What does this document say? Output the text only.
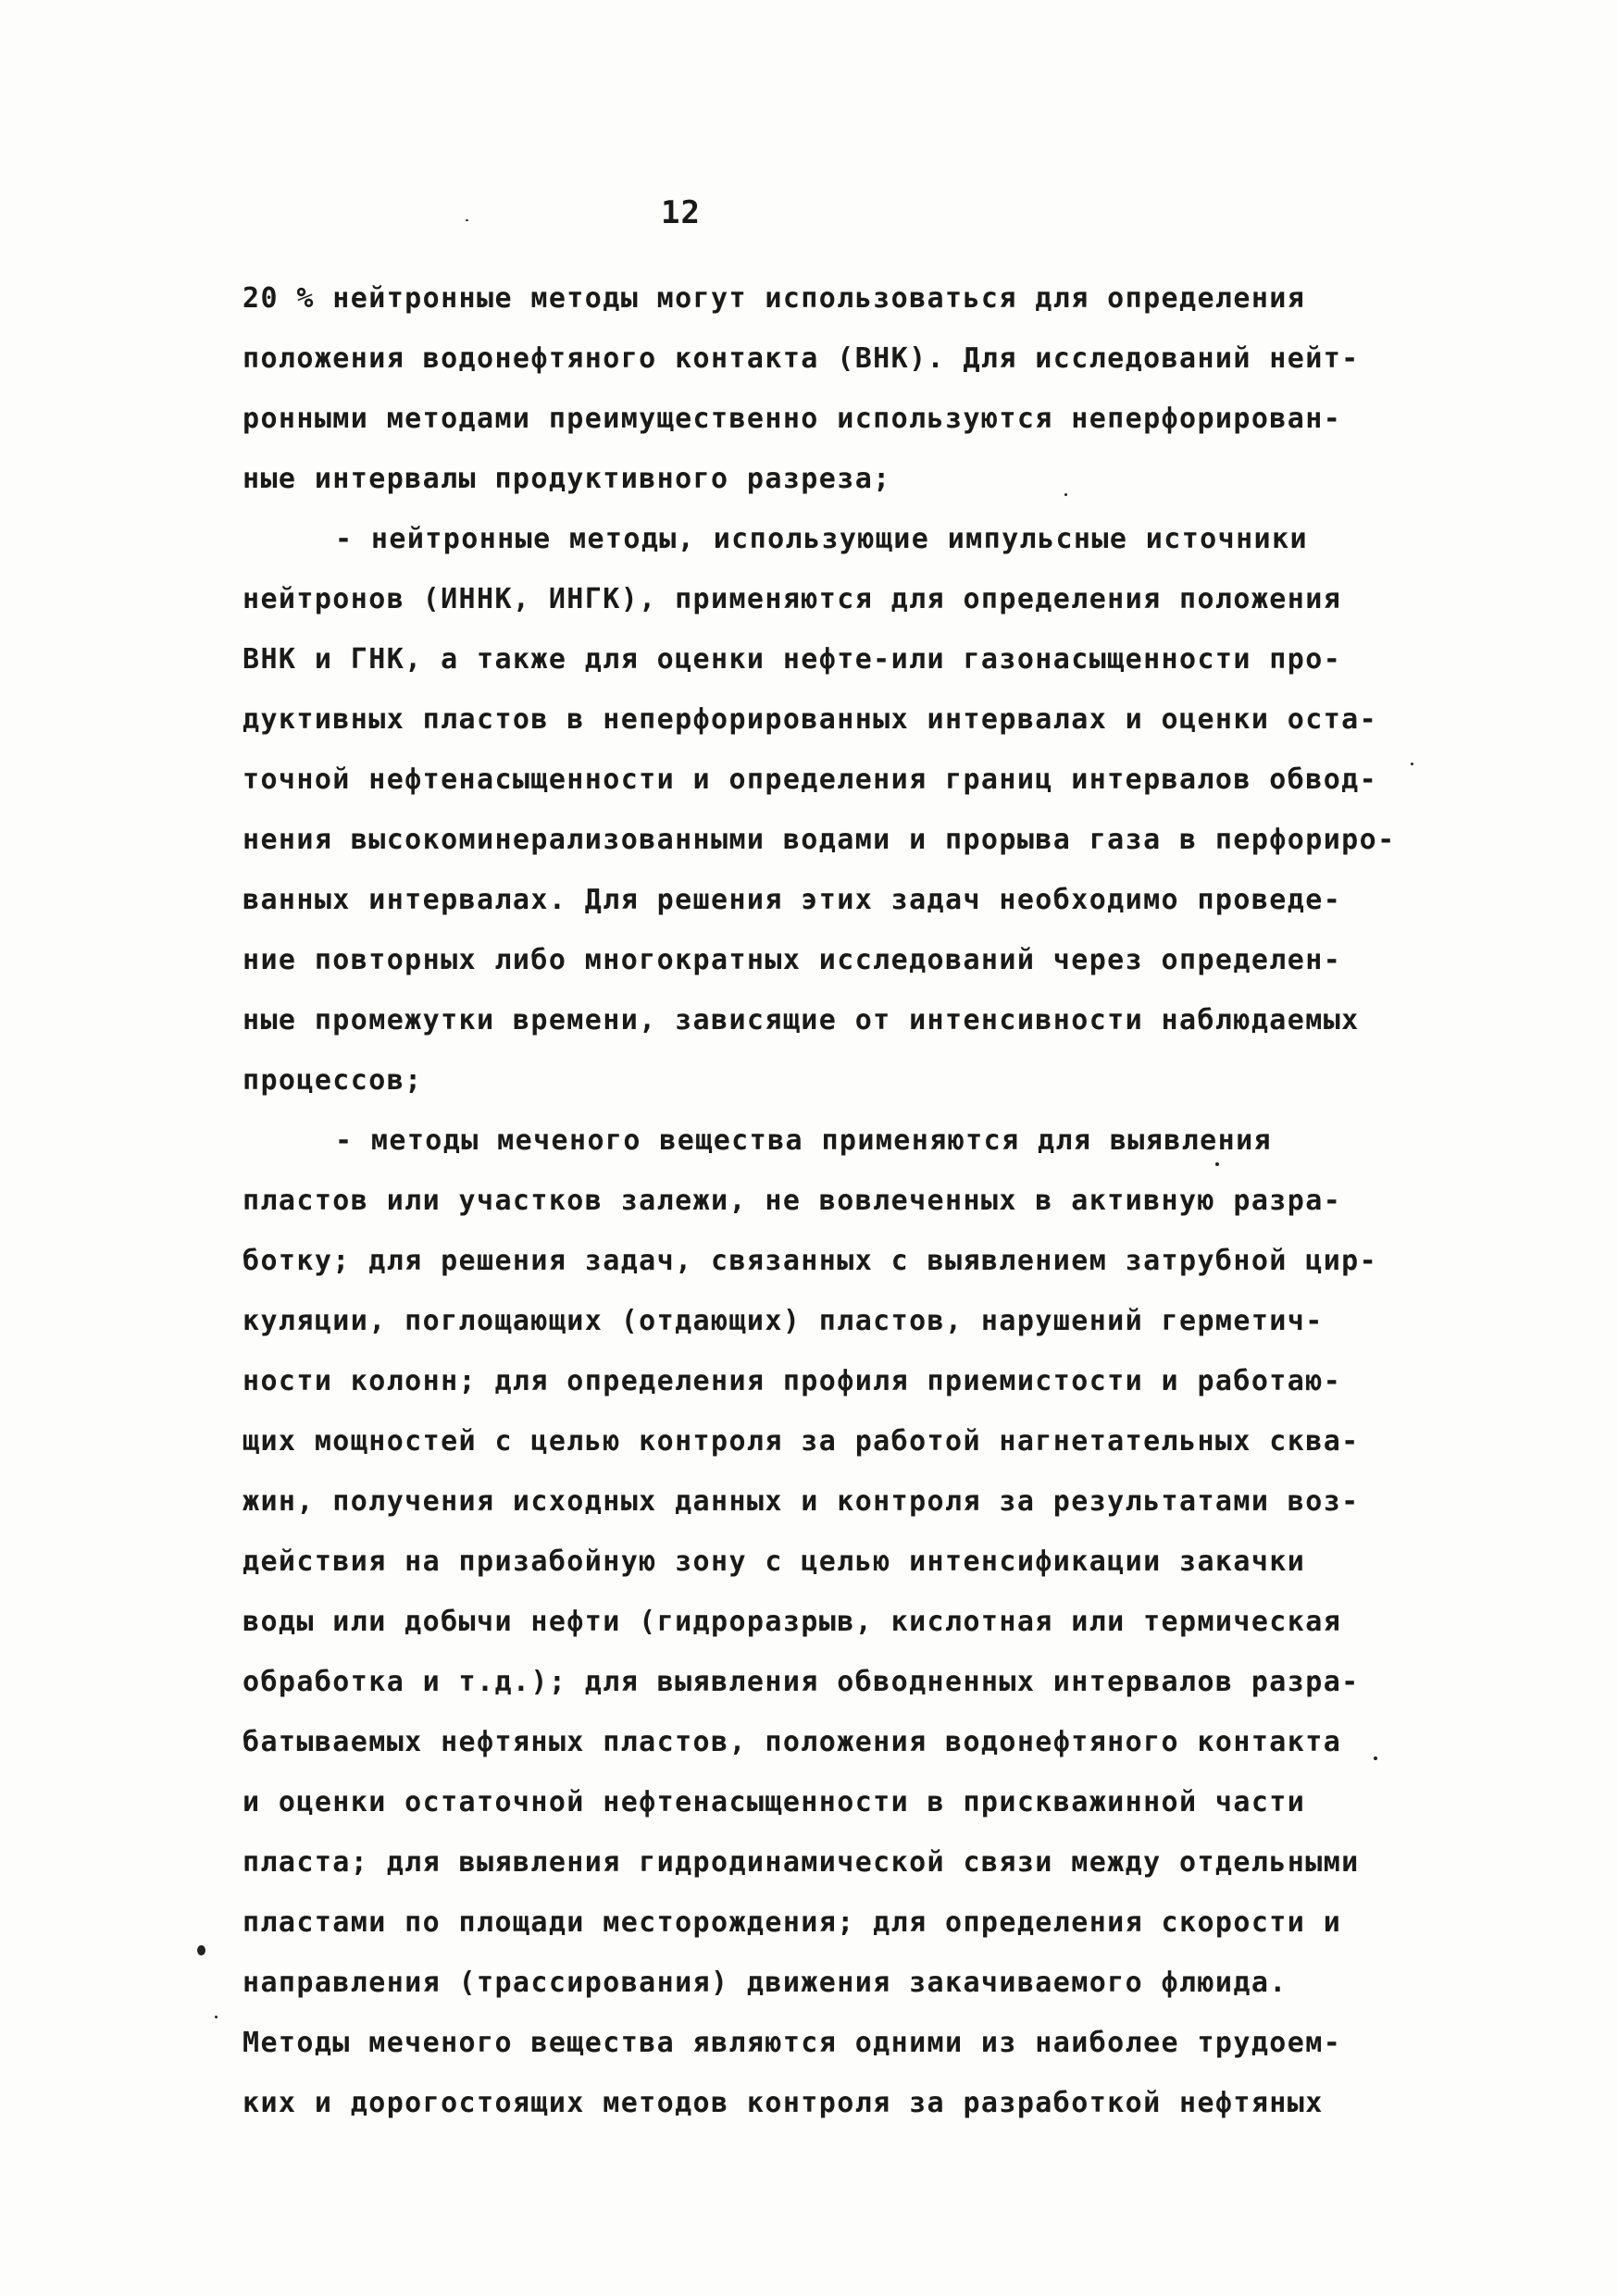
12
20 % нейтронные методы могут использоваться для определения
положения водонефтяного контакта (ВНК). Для исследований нейт-
ронными методами преимущественно используются неперфорирован-
ные интервалы продуктивного разреза;
- нейтронные методы, использующие импульсные источники
нейтронов (ИННК, ИНГК), применяются для определения положения
ВНК и ГНК, а также для оценки нефте-или газонасыщенности про-
дуктивных пластов в неперфорированных интервалах и оценки оста-
точной нефтенасыщенности и определения границ интервалов обвод-
нения высокоминерализованными водами и прорыва газа в перфориро-
ванных интервалах. Для решения этих задач необходимо проведе-
ние повторных либо многократных исследований через определен-
ные промежутки времени, зависящие от интенсивности наблюдаемых
процессов;
- методы меченого вещества применяются для выявления
пластов или участков залежи, не вовлеченных в активную разра-
ботку; для решения задач, связанных с выявлением затрубной цир-
куляции, поглощающих (отдающих) пластов, нарушений герметич-
ности колонн; для определения профиля приемистости и работаю-
щих мощностей с целью контроля за работой нагнетательных сква-
жин, получения исходных данных и контроля за результатами воз-
действия на призабойную зону с целью интенсификации закачки
воды или добычи нефти (гидроразрыв, кислотная или термическая
обработка и т.д.); для выявления обводненных интервалов разра-
батываемых нефтяных пластов, положения водонефтяного контакта
и оценки остаточной нефтенасыщенности в прискважинной части
пласта; для выявления гидродинамической связи между отдельными
пластами по площади месторождения; для определения скорости и
направления (трассирования) движения закачиваемого флюида.
Методы меченого вещества являются одними из наиболее трудоем-
ких и дорогостоящих методов контроля за разработкой нефтяных
